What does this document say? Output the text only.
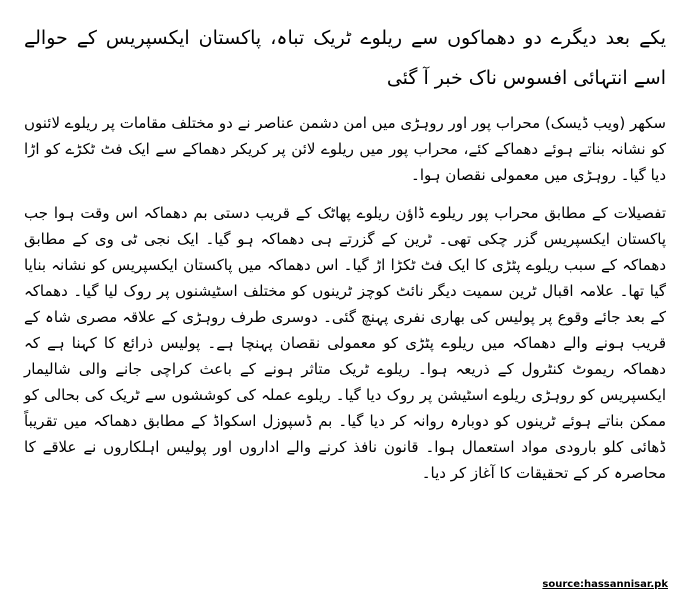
یکے بعد دیگرے دو دھماکوں سے ریلوے ٹریک تباہ، پاکستان ایکسپریس کے حوالے اسے انتہائی افسوس ناک خبر آ گئی

سکھر (ویب ڈیسک) محراب پور اور روہڑی میں امن دشمن عناصر نے دو مختلف مقامات پر ریلوے لائنوں کو نشانہ بناتے ہوئے دھماکے کئے، محراب پور میں ریلوے لائن پر کریکر دھماکے سے ایک فٹ ٹکڑے کو اڑا دیا گیا۔ روہڑی میں معمولی نقصان ہوا۔

تفصیلات کے مطابق محراب پور ریلوے ڈاؤن ریلوے پھاٹک کے قریب دستی بم دھماکہ اس وقت ہوا جب پاکستان ایکسپریس گزر چکی تھی۔ ٹرین کے گزرتے ہی دھماکہ ہو گیا۔ ایک نجی ٹی وی کے مطابق دھماکہ کے سبب ریلوے پٹڑی کا ایک فٹ ٹکڑا اڑ گیا۔ اس دھماکہ میں پاکستان ایکسپریس کو نشانہ بنایا گیا تھا۔ علامہ اقبال ٹرین سمیت دیگر نائٹ کوچز ٹرینوں کو مختلف اسٹیشنوں پر روک لیا گیا۔ دھماکہ کے بعد جائے وقوع پر پولیس کی بھاری نفری پہنچ گئی۔ دوسری طرف روہڑی کے علاقہ مصری شاہ کے قریب ہونے والے دھماکہ میں ریلوے پٹڑی کو معمولی نقصان پہنچا ہے۔ پولیس ذرائع کا کہنا ہے کہ دھماکہ ریموٹ کنٹرول کے ذریعہ ہوا۔ ریلوے ٹریک متاثر ہونے کے باعث کراچی جانے والی شالیمار ایکسپریس کو روہڑی ریلوے اسٹیشن پر روک دیا گیا۔ ریلوے عملہ کی کوششوں سے ٹریک کی بحالی کو ممکن بناتے ہوئے ٹرینوں کو دوبارہ روانہ کر دیا گیا۔ بم ڈسپوزل اسکواڈ کے مطابق دھماکہ میں تقریباً ڈھائی کلو بارودی مواد استعمال ہوا۔ قانون نافذ کرنے والے اداروں اور پولیس اہلکاروں نے علاقے کا محاصرہ کر کے تحقیقات کا آغاز کر دیا۔

source:hassannisar.pk
